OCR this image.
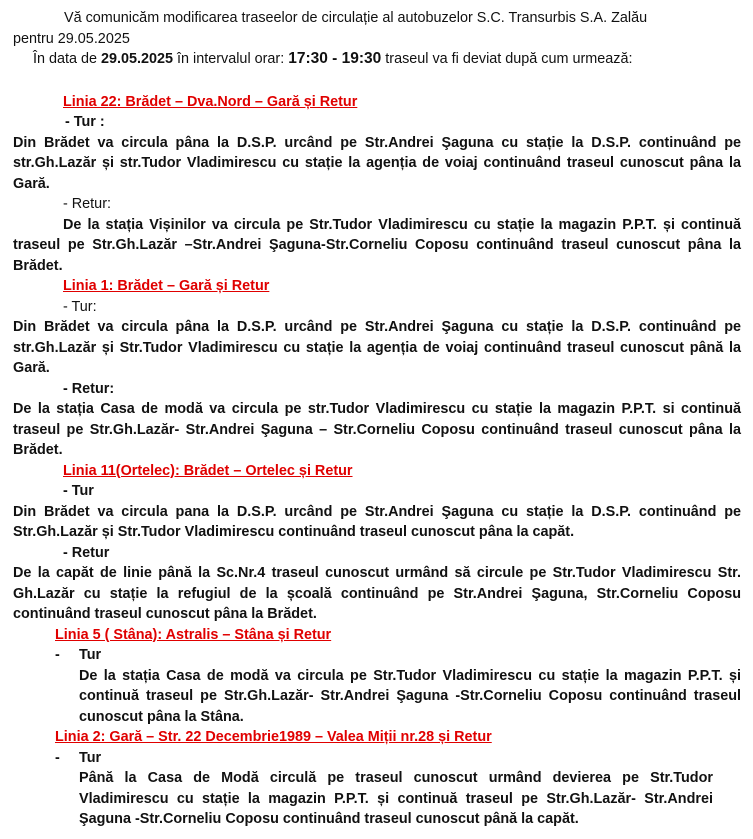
Vă comunicăm modificarea traseelor de circulație al autobuzelor S.C. Transurbis S.A. Zalău

pentru 29.05.2025

În data de 29.05.2025 în intervalul orar: 17:30 - 19:30 traseul va fi deviat după cum urmează:

Linia 22: Brădet – Dva.Nord – Gară și Retur

- Tur :

Din Brădet va circula pâna la D.S.P. urcând pe Str.Andrei Şaguna cu stație la D.S.P. continuând pe str.Gh.Lazăr și str.Tudor Vladimirescu cu stație la agenția de voiaj continuând traseul cunoscut pâna la Gară.

- Retur:

De la stația Vișinilor va circula pe Str.Tudor Vladimirescu cu stație la magazin P.P.T. și continuă traseul pe Str.Gh.Lazăr –Str.Andrei Şaguna-Str.Corneliu Coposu continuând traseul cunoscut pâna la Brădet.

Linia 1: Brădet – Gară și Retur

- Tur:

Din Brădet va circula pâna la D.S.P. urcând pe Str.Andrei Şaguna cu stație la D.S.P. continuând pe str.Gh.Lazăr și Str.Tudor Vladimirescu cu stație la agenția de voiaj continuând traseul cunoscut până la Gară.

- Retur:

De la stația Casa de modă va circula pe str.Tudor Vladimirescu cu stație la magazin P.P.T. si continuă traseul pe Str.Gh.Lazăr- Str.Andrei Şaguna – Str.Corneliu Coposu continuând traseul cunoscut pâna la Brădet.

Linia 11(Ortelec): Brădet – Ortelec și Retur

- Tur

Din Brădet va circula pana la D.S.P. urcând pe Str.Andrei Şaguna cu stație la D.S.P. continuând pe Str.Gh.Lazăr și Str.Tudor Vladimirescu continuând traseul cunoscut pâna la capăt.

- Retur

De la capăt de linie până la Sc.Nr.4 traseul cunoscut urmând să circule pe Str.Tudor Vladimirescu Str. Gh.Lazăr cu stație la refugiul de la școală continuând pe Str.Andrei Şaguna, Str.Corneliu Coposu continuând traseul cunoscut pâna la Brădet.

Linia 5 ( Stâna): Astralis – Stâna și Retur

- Tur

De la stația Casa de modă va circula pe Str.Tudor Vladimirescu cu stație la magazin P.P.T. și continuă traseul pe Str.Gh.Lazăr- Str.Andrei Şaguna -Str.Corneliu Coposu continuând traseul cunoscut pâna la Stâna.

Linia 2: Gară – Str. 22 Decembrie1989 – Valea Miții nr.28 și Retur

- Tur

Până la Casa de Modă circulă pe traseul cunoscut urmând devierea pe Str.Tudor Vladimirescu cu stație la magazin P.P.T. și continuă traseul pe Str.Gh.Lazăr- Str.Andrei Şaguna -Str.Corneliu Coposu continuând traseul cunoscut până la capăt.
